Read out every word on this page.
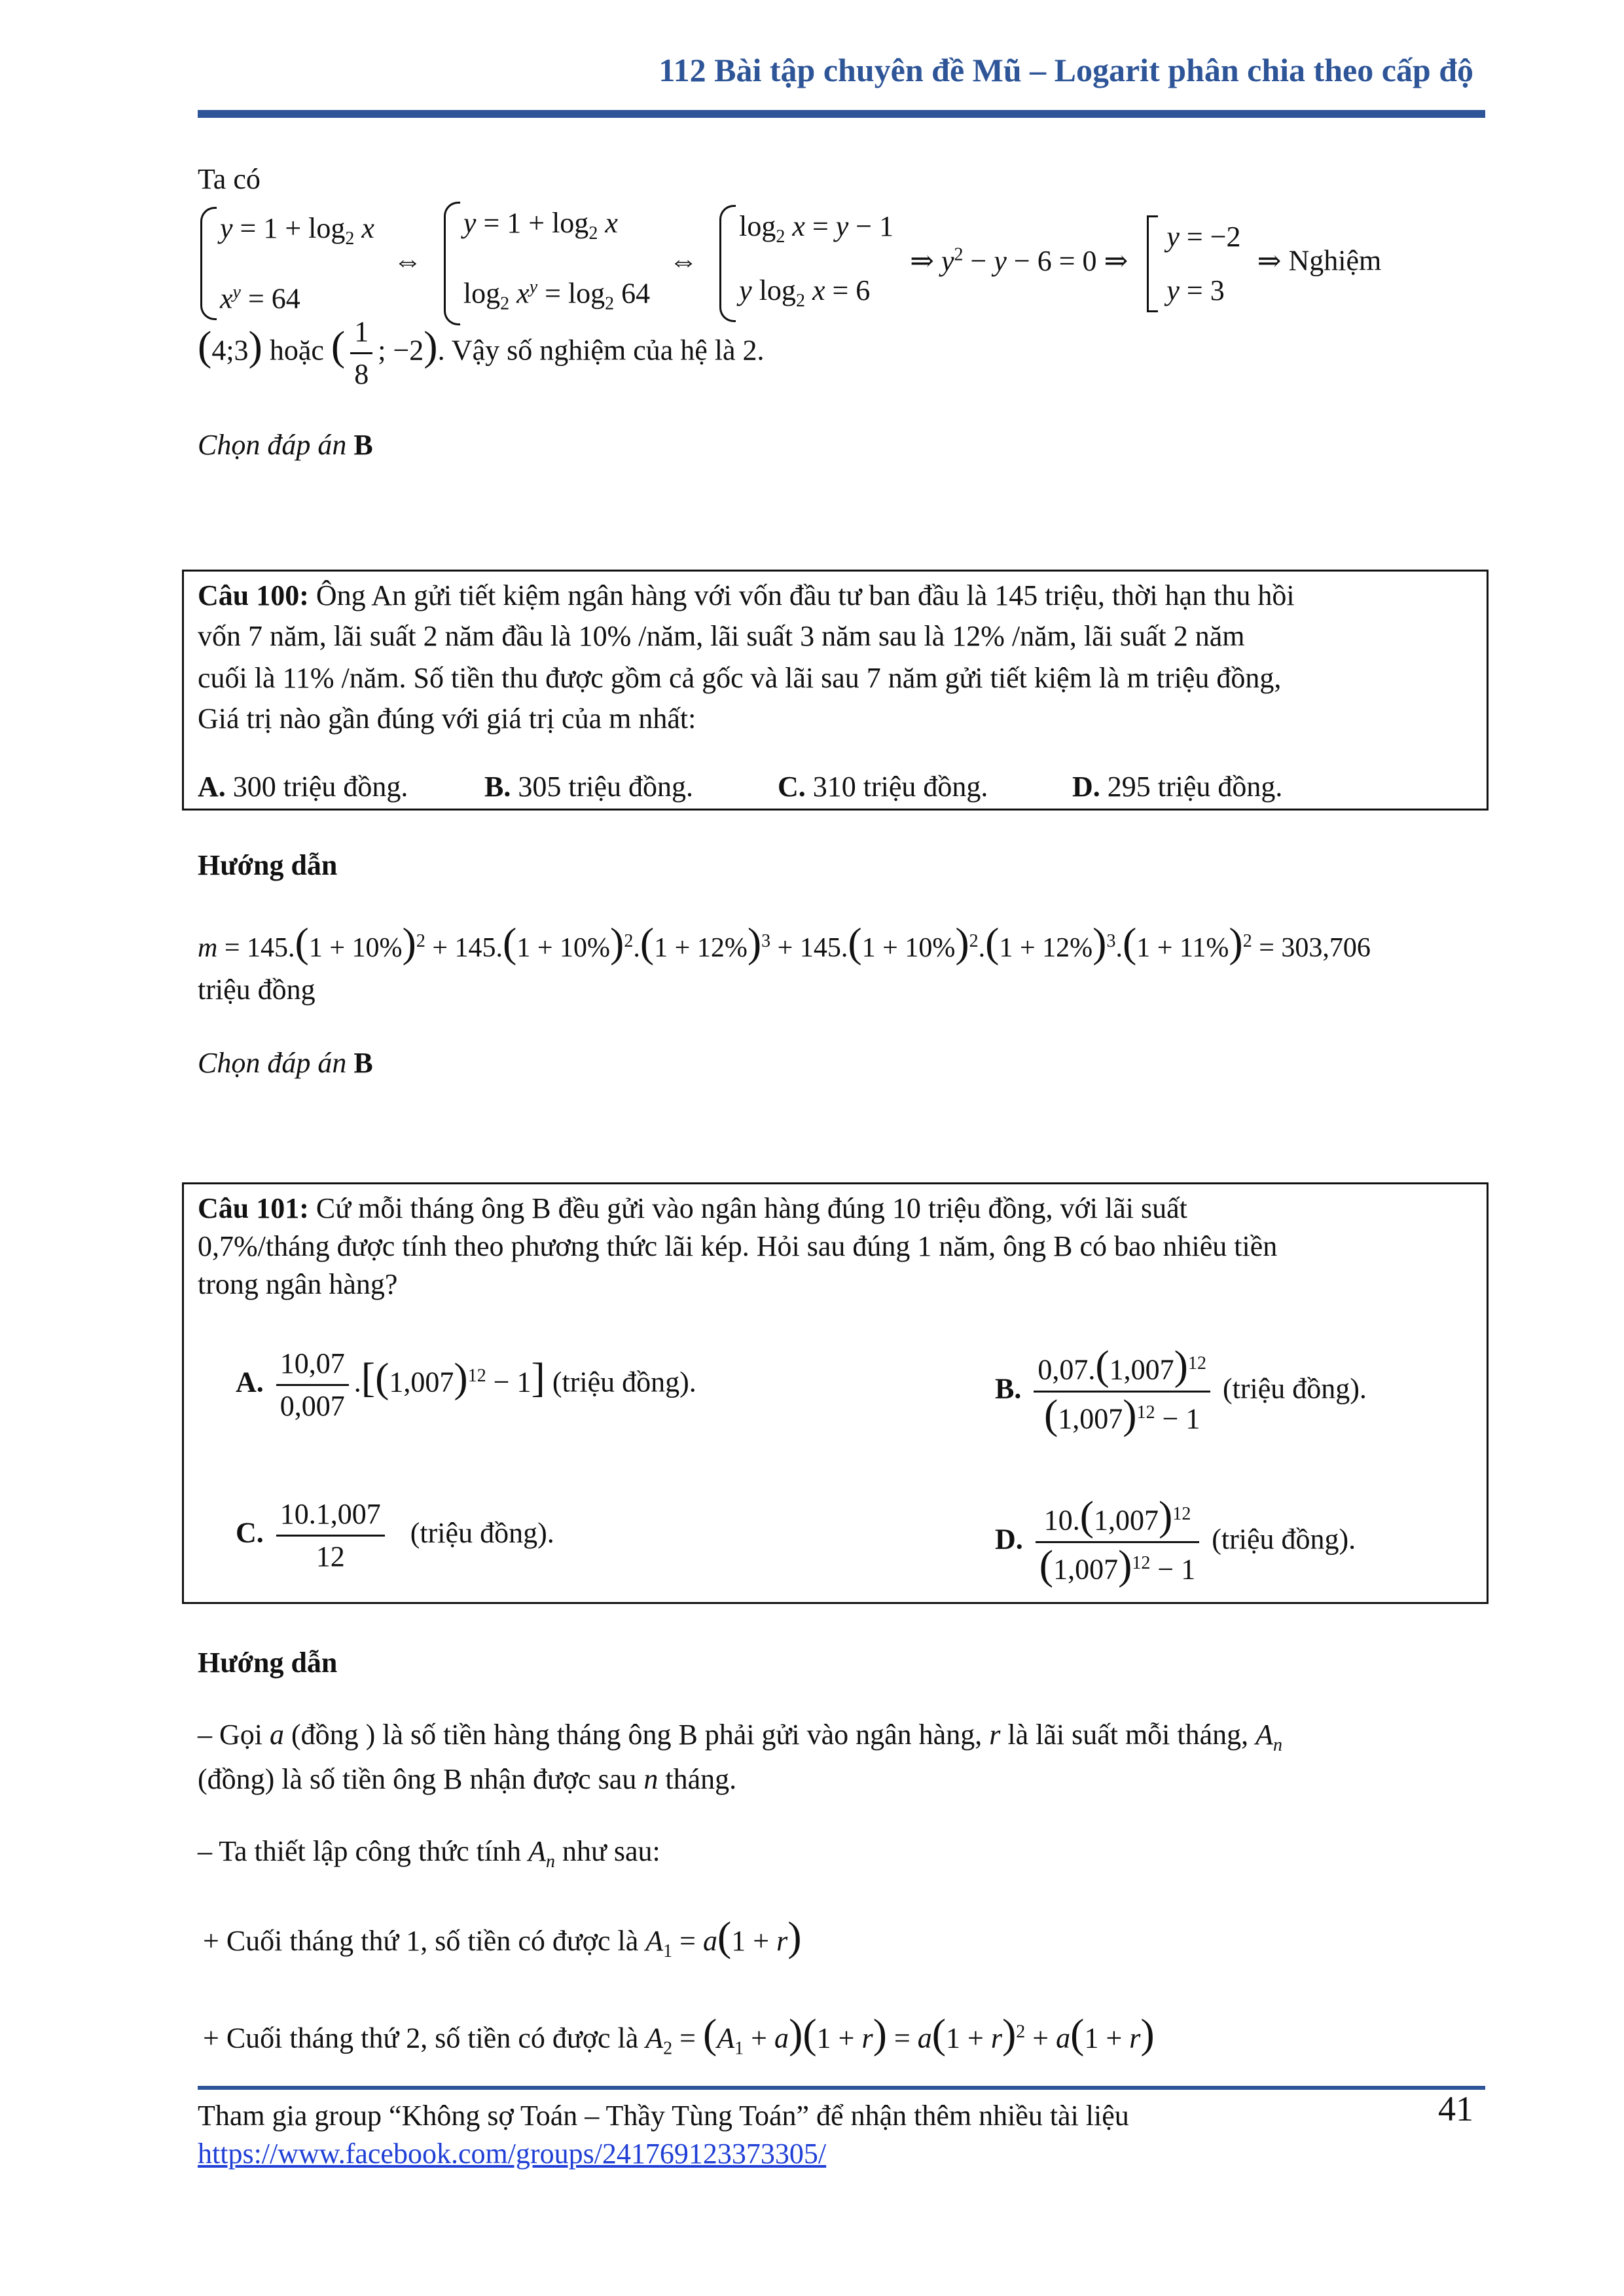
112 Bài tập chuyên đề Mũ – Logarit phân chia theo cấp độ
Ta có
$y = 1 + \log_2 x$
$x^y = 64$
⇔
$y = 1 + \log_2 x$
$\log_2 x^y = \log_2 64$
⇔
$\log_2 x = y - 1$
y $\log_2 x = 6$
⇒ $y^2 - y - 6 = 0$ ⇒
y = −2
y = 3
⇒ Nghiệm
(4;3) hoặc ( $\frac{1}{8}$ ; −2). Vậy số nghiệm của hệ là 2.
Chọn đáp án B
Câu 100: Ông An gửi tiết kiệm ngân hàng với vốn đầu tư ban đầu là 145 triệu, thời hạn thu hồi
vốn 7 năm, lãi suất 2 năm đầu là 10% /năm, lãi suất 3 năm sau là 12% /năm, lãi suất 2 năm
cuối là 11% /năm. Số tiền thu được gồm cả gốc và lãi sau 7 năm gửi tiết kiệm là m triệu đồng,
Giá trị nào gần đúng với giá trị của m nhất:
A. 300 triệu đồng.	B. 305 triệu đồng.	C. 310 triệu đồng.	D. 295 triệu đồng.
Hướng dẫn
$m = 145.(1 + 10\%)^2 + 145.(1 + 10\%)^2.(1 + 12\%)^3 + 145.(1 + 10\%)^2.(1 + 12\%)^3.(1 + 11\%)^2 = 303,706$
triệu đồng
Chọn đáp án B
Câu 101: Cứ mỗi tháng ông B đều gửi vào ngân hàng đúng 10 triệu đồng, với lãi suất
0,7%/tháng được tính theo phương thức lãi kép. Hỏi sau đúng 1 năm, ông B có bao nhiêu tiền
trong ngân hàng?
A. $\frac{10,07}{0,007} .[(1,007)^{12} - 1]$ (triệu đồng).	B. $\frac{0,07.(1,007)^{12}}{(1,007)^{12} - 1}$ (triệu đồng).
C. $\frac{10.1,007}{12}$ (triệu đồng).	D. $\frac{10.(1,007)^{12}}{(1,007)^{12} - 1}$ (triệu đồng).
Hướng dẫn
– Gọi a (đồng ) là số tiền hàng tháng ông B phải gửi vào ngân hàng, r là lãi suất mỗi tháng, $A_n$
(đồng) là số tiền ông B nhận được sau n tháng.
– Ta thiết lập công thức tính $A_n$ như sau:
+ Cuối tháng thứ 1, số tiền có được là $A_1 = a(1 + r)$
+ Cuối tháng thứ 2, số tiền có được là $A_2 = (A_1 + a)(1 + r) = a(1 + r)^2 + a(1 + r)$
Tham gia group “Không sợ Toán – Thầy Tùng Toán” để nhận thêm nhiều tài liệu
https://www.facebook.com/groups/241769123373305/
41
